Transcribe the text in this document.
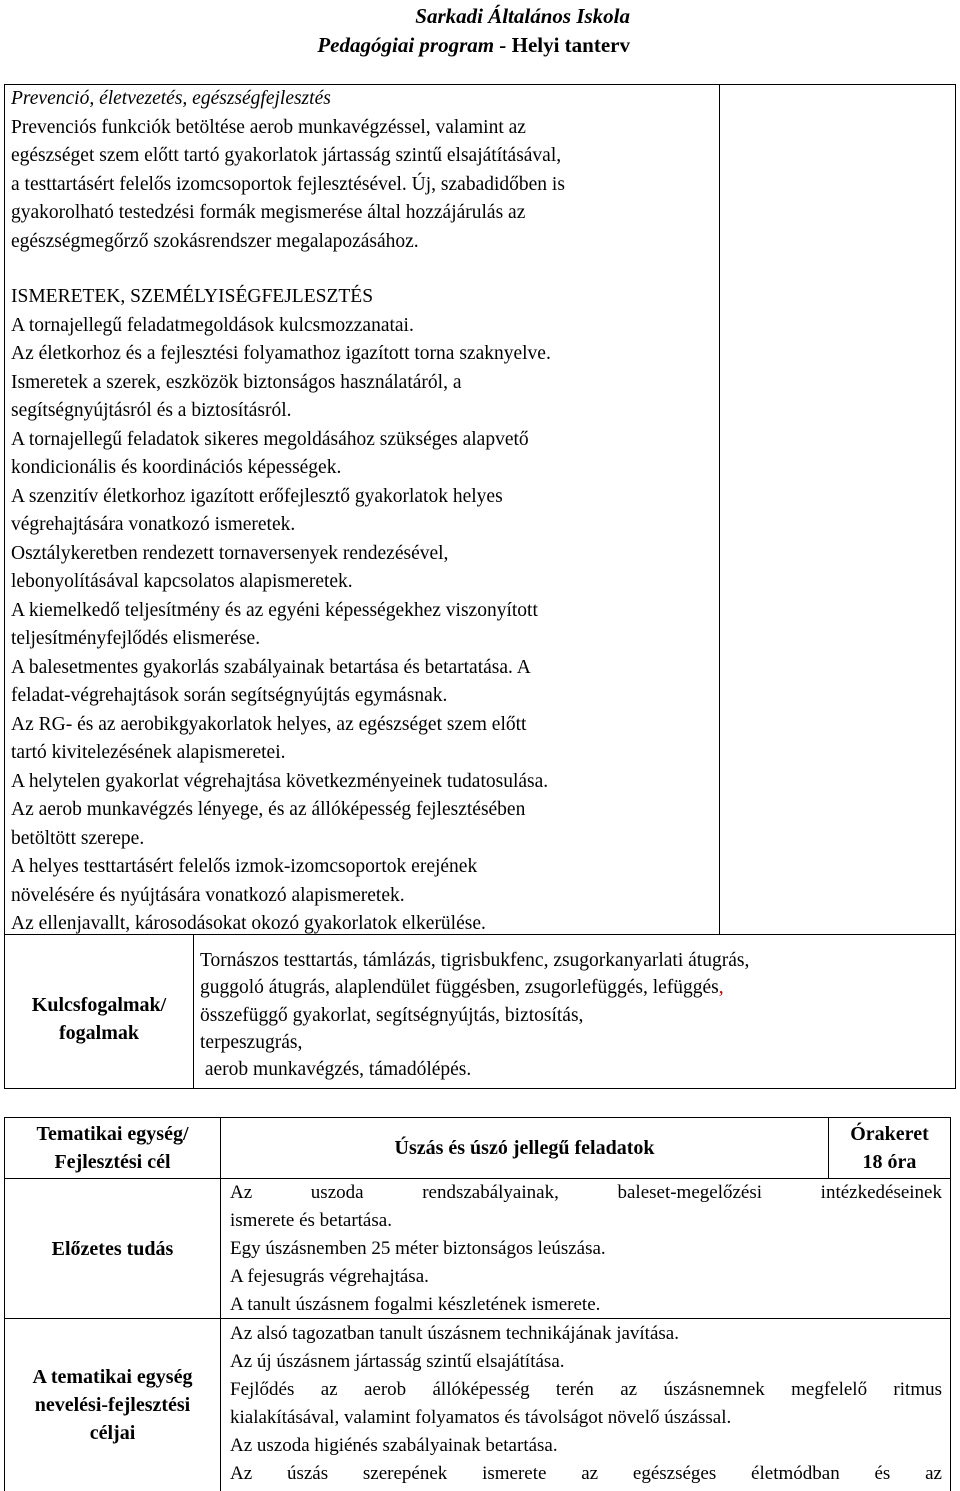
Sarkadi Általános Iskola
Pedagógiai program - Helyi tanterv
Prevenció, életvezetés, egészségfejlesztés
Prevenciós funkciók betöltése aerob munkavégzéssel, valamint az
egészséget szem előtt tartó gyakorlatok jártasság szintű elsajátításával,
a testtartásért felelős izomcsoportok fejlesztésével. Új, szabadidőben is
gyakorolható testedzési formák megismerése által hozzájárulás az
egészségmegőrző szokásrendszer megalapozásához.
ISMERETEK, SZEMÉLYISÉGFEJLESZTÉS
A tornajellegű feladatmegoldások kulcsmozzanatai.
Az életkorhoz és a fejlesztési folyamathoz igazított torna szaknyelve.
Ismeretek a szerek, eszközök biztonságos használatáról, a
segítségnyújtásról és a biztosításról.
A tornajellegű feladatok sikeres megoldásához szükséges alapvető
kondicionális és koordinációs képességek.
A szenzitív életkorhoz igazított erőfejlesztő gyakorlatok helyes
végrehajtására vonatkozó ismeretek.
Osztálykeretben rendezett tornaversenyek rendezésével,
lebonyolításával kapcsolatos alapismeretek.
A kiemelkedő teljesítmény és az egyéni képességekhez viszonyított
teljesítményfejlődés elismerése.
A balesetmentes gyakorlás szabályainak betartása és betartatása. A
feladat-végrehajtások során segítségnyújtás egymásnak.
Az RG- és az aerobikgyakorlatok helyes, az egészséget szem előtt
tartó kivitelezésének alapismeretei.
A helytelen gyakorlat végrehajtása következményeinek tudatosulása.
Az aerob munkavégzés lényege, és az állóképesség fejlesztésében
betöltött szerepe.
A helyes testtartásért felelős izmok-izomcsoportok erejének
növelésére és nyújtására vonatkozó alapismeretek.
Az ellenjavallt, károsodásokat okozó gyakorlatok elkerülése.
Kulcsfogalmak/
fogalmak
Tornászos testtartás, támlázás, tigrisbukfenc, zsugorkanyarlati átugrás,
guggoló átugrás, alaplendület függésben, zsugorlefüggés, lefüggés,
összefüggő gyakorlat, segítségnyújtás, biztosítás,
terpeszugrás,
aerob munkavégzés, támadólépés.
Tematikai egység/
Fejlesztési cél
Úszás és úszó jellegű feladatok
Órakeret
18 óra
Előzetes tudás
Az uszoda rendszabályainak, baleset-megelőzési intézkedéseinek
ismerete és betartása.
Egy úszásnemben 25 méter biztonságos leúszása.
A fejesugrás végrehajtása.
A tanult úszásnem fogalmi készletének ismerete.
A tematikai egység
nevelési-fejlesztési
céljai
Az alsó tagozatban tanult úszásnem technikájának javítása.
Az új úszásnem jártasság szintű elsajátítása.
Fejlődés az aerob állóképesség terén az úszásnemnek megfelelő ritmus
kialakításával, valamint folyamatos és távolságot növelő úszással.
Az uszoda higiénés szabályainak betartása.
Az úszás szerepének ismerete az egészséges életmódban és az
